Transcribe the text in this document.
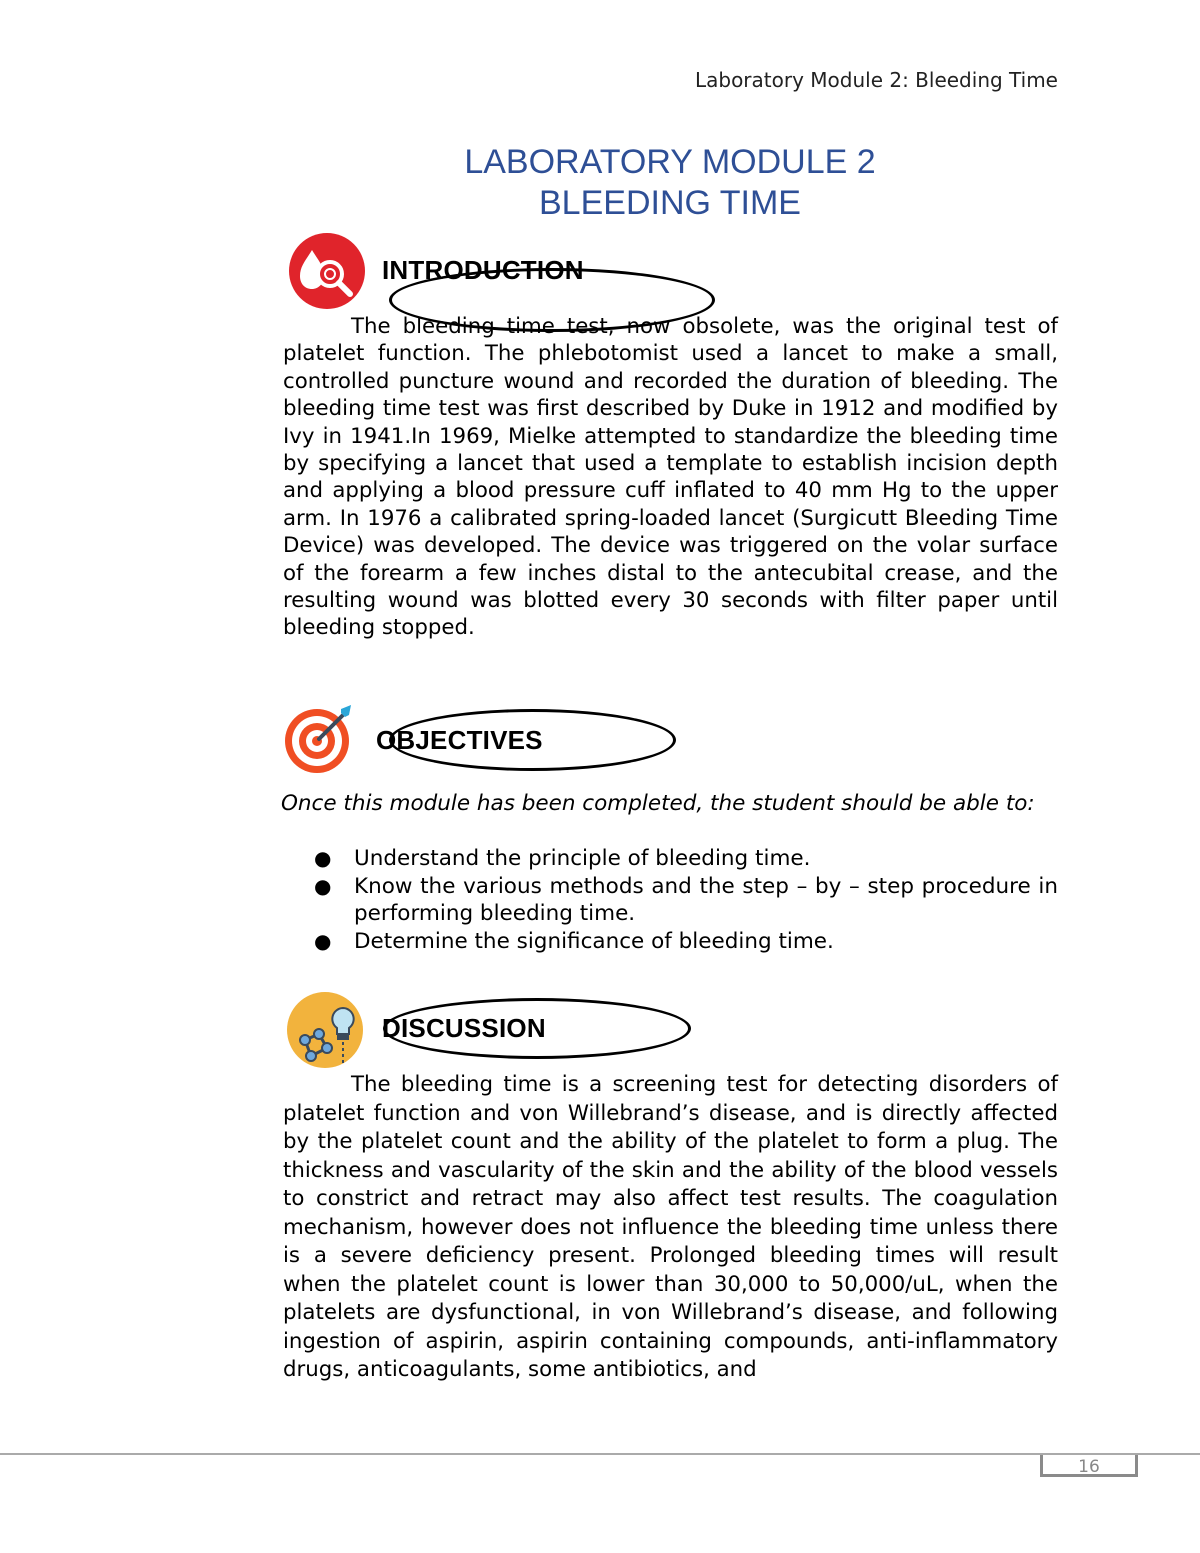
Laboratory Module 2: Bleeding Time
LABORATORY MODULE 2
BLEEDING TIME
INTRODUCTION

The bleeding time test, now obsolete, was the original test of platelet function. The phlebotomist used a lancet to make a small, controlled puncture wound and recorded the duration of bleeding. The bleeding time test was first described by Duke in 1912 and modified by Ivy in 1941.In 1969, Mielke attempted to standardize the bleeding time by specifying a lancet that used a template to establish incision depth and applying a blood pressure cuff inflated to 40 mm Hg to the upper arm. In 1976 a calibrated spring-loaded lancet (Surgicutt Bleeding Time Device) was developed. The device was triggered on the volar surface of the forearm a few inches distal to the antecubital crease, and the resulting wound was blotted every 30 seconds with filter paper until bleeding stopped.

OBJECTIVES

Once this module has been completed, the student should be able to:

● Understand the principle of bleeding time.
● Know the various methods and the step – by – step procedure in performing bleeding time.
● Determine the significance of bleeding time.
DISCUSSION

The bleeding time is a screening test for detecting disorders of platelet function and von Willebrand’s disease, and is directly affected by the platelet count and the ability of the platelet to form a plug. The thickness and vascularity of the skin and the ability of the blood vessels to constrict and retract may also affect test results. The coagulation mechanism, however does not influence the bleeding time unless there is a severe deficiency present. Prolonged bleeding times will result when the platelet count is lower than 30,000 to 50,000/uL, when the platelets are dysfunctional, in von Willebrand’s disease, and following ingestion of aspirin, aspirin containing compounds, anti-inflammatory drugs, anticoagulants, some antibiotics, and

16
